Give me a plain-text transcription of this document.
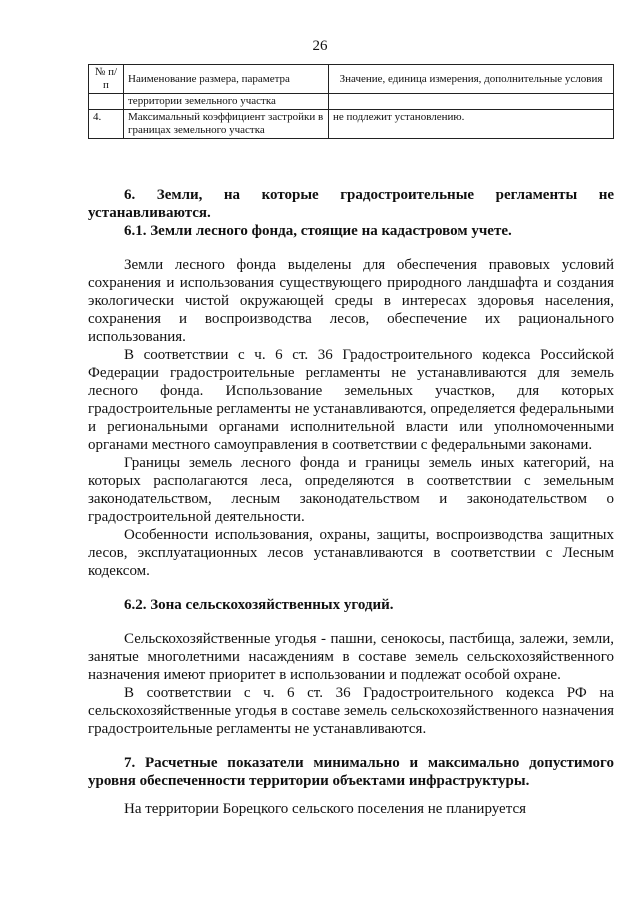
26
№ п/п	Наименование размера, параметра	Значение, единица измерения, дополнительные условия
	территории земельного участка	
4.	Максимальный коэффициент застройки в границах земельного участка	не подлежит установлению.

6. Земли, на которые градостроительные регламенты не устанавливаются.

6.1. Земли лесного фонда, стоящие на кадастровом учете.

Земли лесного фонда выделены для обеспечения правовых условий сохранения и использования существующего природного ландшафта и создания экологически чистой окружающей среды в интересах здоровья населения, сохранения и воспроизводства лесов, обеспечение их рационального использования.

В соответствии с ч. 6 ст. 36 Градостроительного кодекса Российской Федерации градостроительные регламенты не устанавливаются для земель лесного фонда. Использование земельных участков, для которых градостроительные регламенты не устанавливаются, определяется федеральными и региональными органами исполнительной власти или уполномоченными органами местного самоуправления в соответствии с федеральными законами.

Границы земель лесного фонда и границы земель иных категорий, на которых располагаются леса, определяются в соответствии с земельным законодательством, лесным законодательством и законодательством о градостроительной деятельности.

Особенности использования, охраны, защиты, воспроизводства защитных лесов, эксплуатационных лесов устанавливаются в соответствии с Лесным кодексом.

6.2. Зона сельскохозяйственных угодий.

Сельскохозяйственные угодья - пашни, сенокосы, пастбища, залежи, земли, занятые многолетними насаждениям в составе земель сельскохозяйственного назначения имеют приоритет в использовании и подлежат особой охране.

В соответствии с ч. 6 ст. 36 Градостроительного кодекса РФ на сельскохозяйственные угодья в составе земель сельскохозяйственного назначения градостроительные регламенты не устанавливаются.

7. Расчетные показатели минимально и максимально допустимого уровня обеспеченности территории объектами инфраструктуры.

На территории Борецкого сельского поселения не планируется
